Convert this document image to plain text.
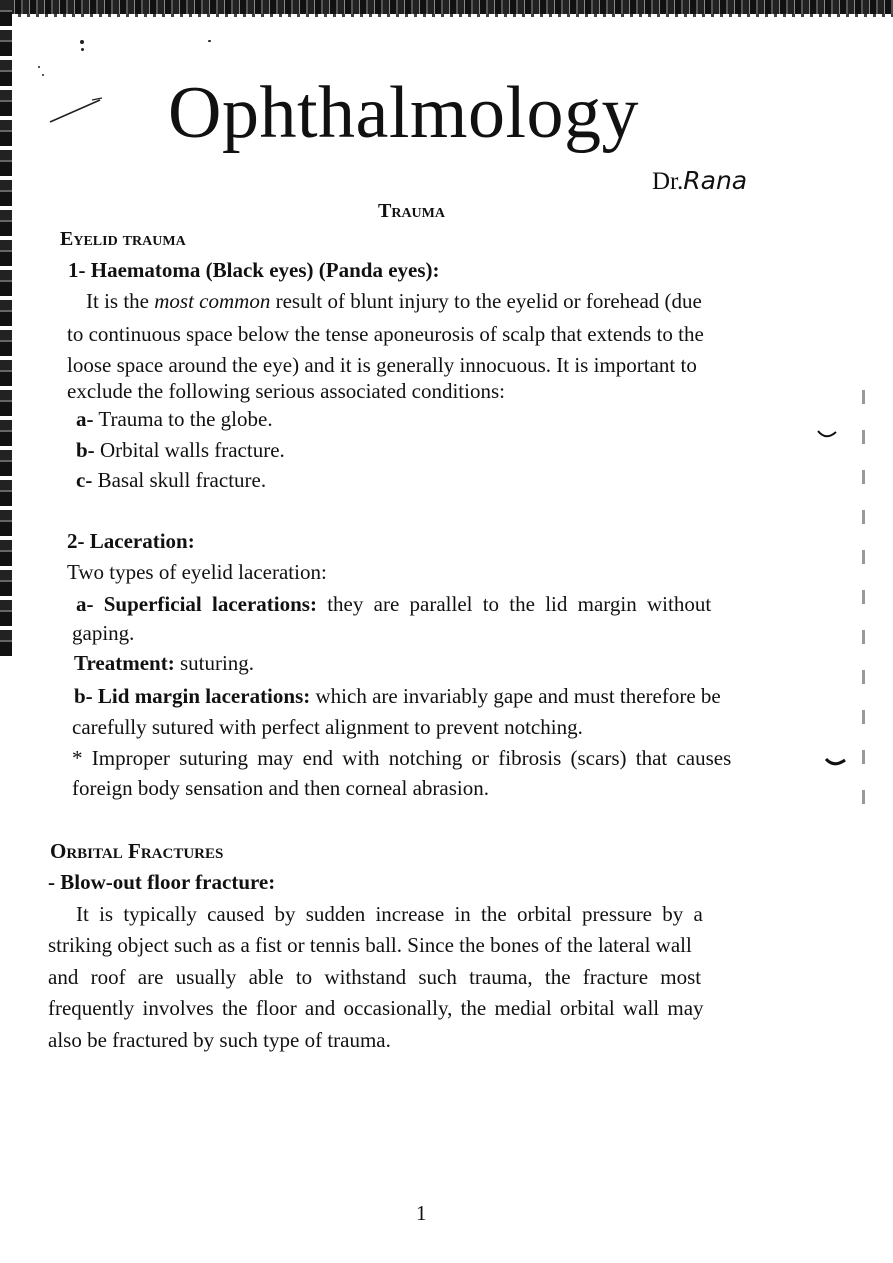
Ophthalmology
Dr.Rana
Trauma
Eyelid trauma
1- Haematoma (Black eyes) (Panda eyes):
It is the most common result of blunt injury to the eyelid or forehead (due
to continuous space below the tense aponeurosis of scalp that extends to the
loose space around the eye) and it is generally innocuous. It is important to
exclude the following serious associated conditions:
a- Trauma to the globe.
b- Orbital walls fracture.
c- Basal skull fracture.
2- Laceration:
Two types of eyelid laceration:
a- Superficial lacerations: they are parallel to the lid margin without
gaping.
Treatment: suturing.
b- Lid margin lacerations: which are invariably gape and must therefore be
carefully sutured with perfect alignment to prevent notching.
* Improper suturing may end with notching or fibrosis (scars) that causes
foreign body sensation and then corneal abrasion.
Orbital Fractures
- Blow-out floor fracture:
It is typically caused by sudden increase in the orbital pressure by a
striking object such as a fist or tennis ball. Since the bones of the lateral wall
and roof are usually able to withstand such trauma, the fracture most
frequently involves the floor and occasionally, the medial orbital wall may
also be fractured by such type of trauma.
1
